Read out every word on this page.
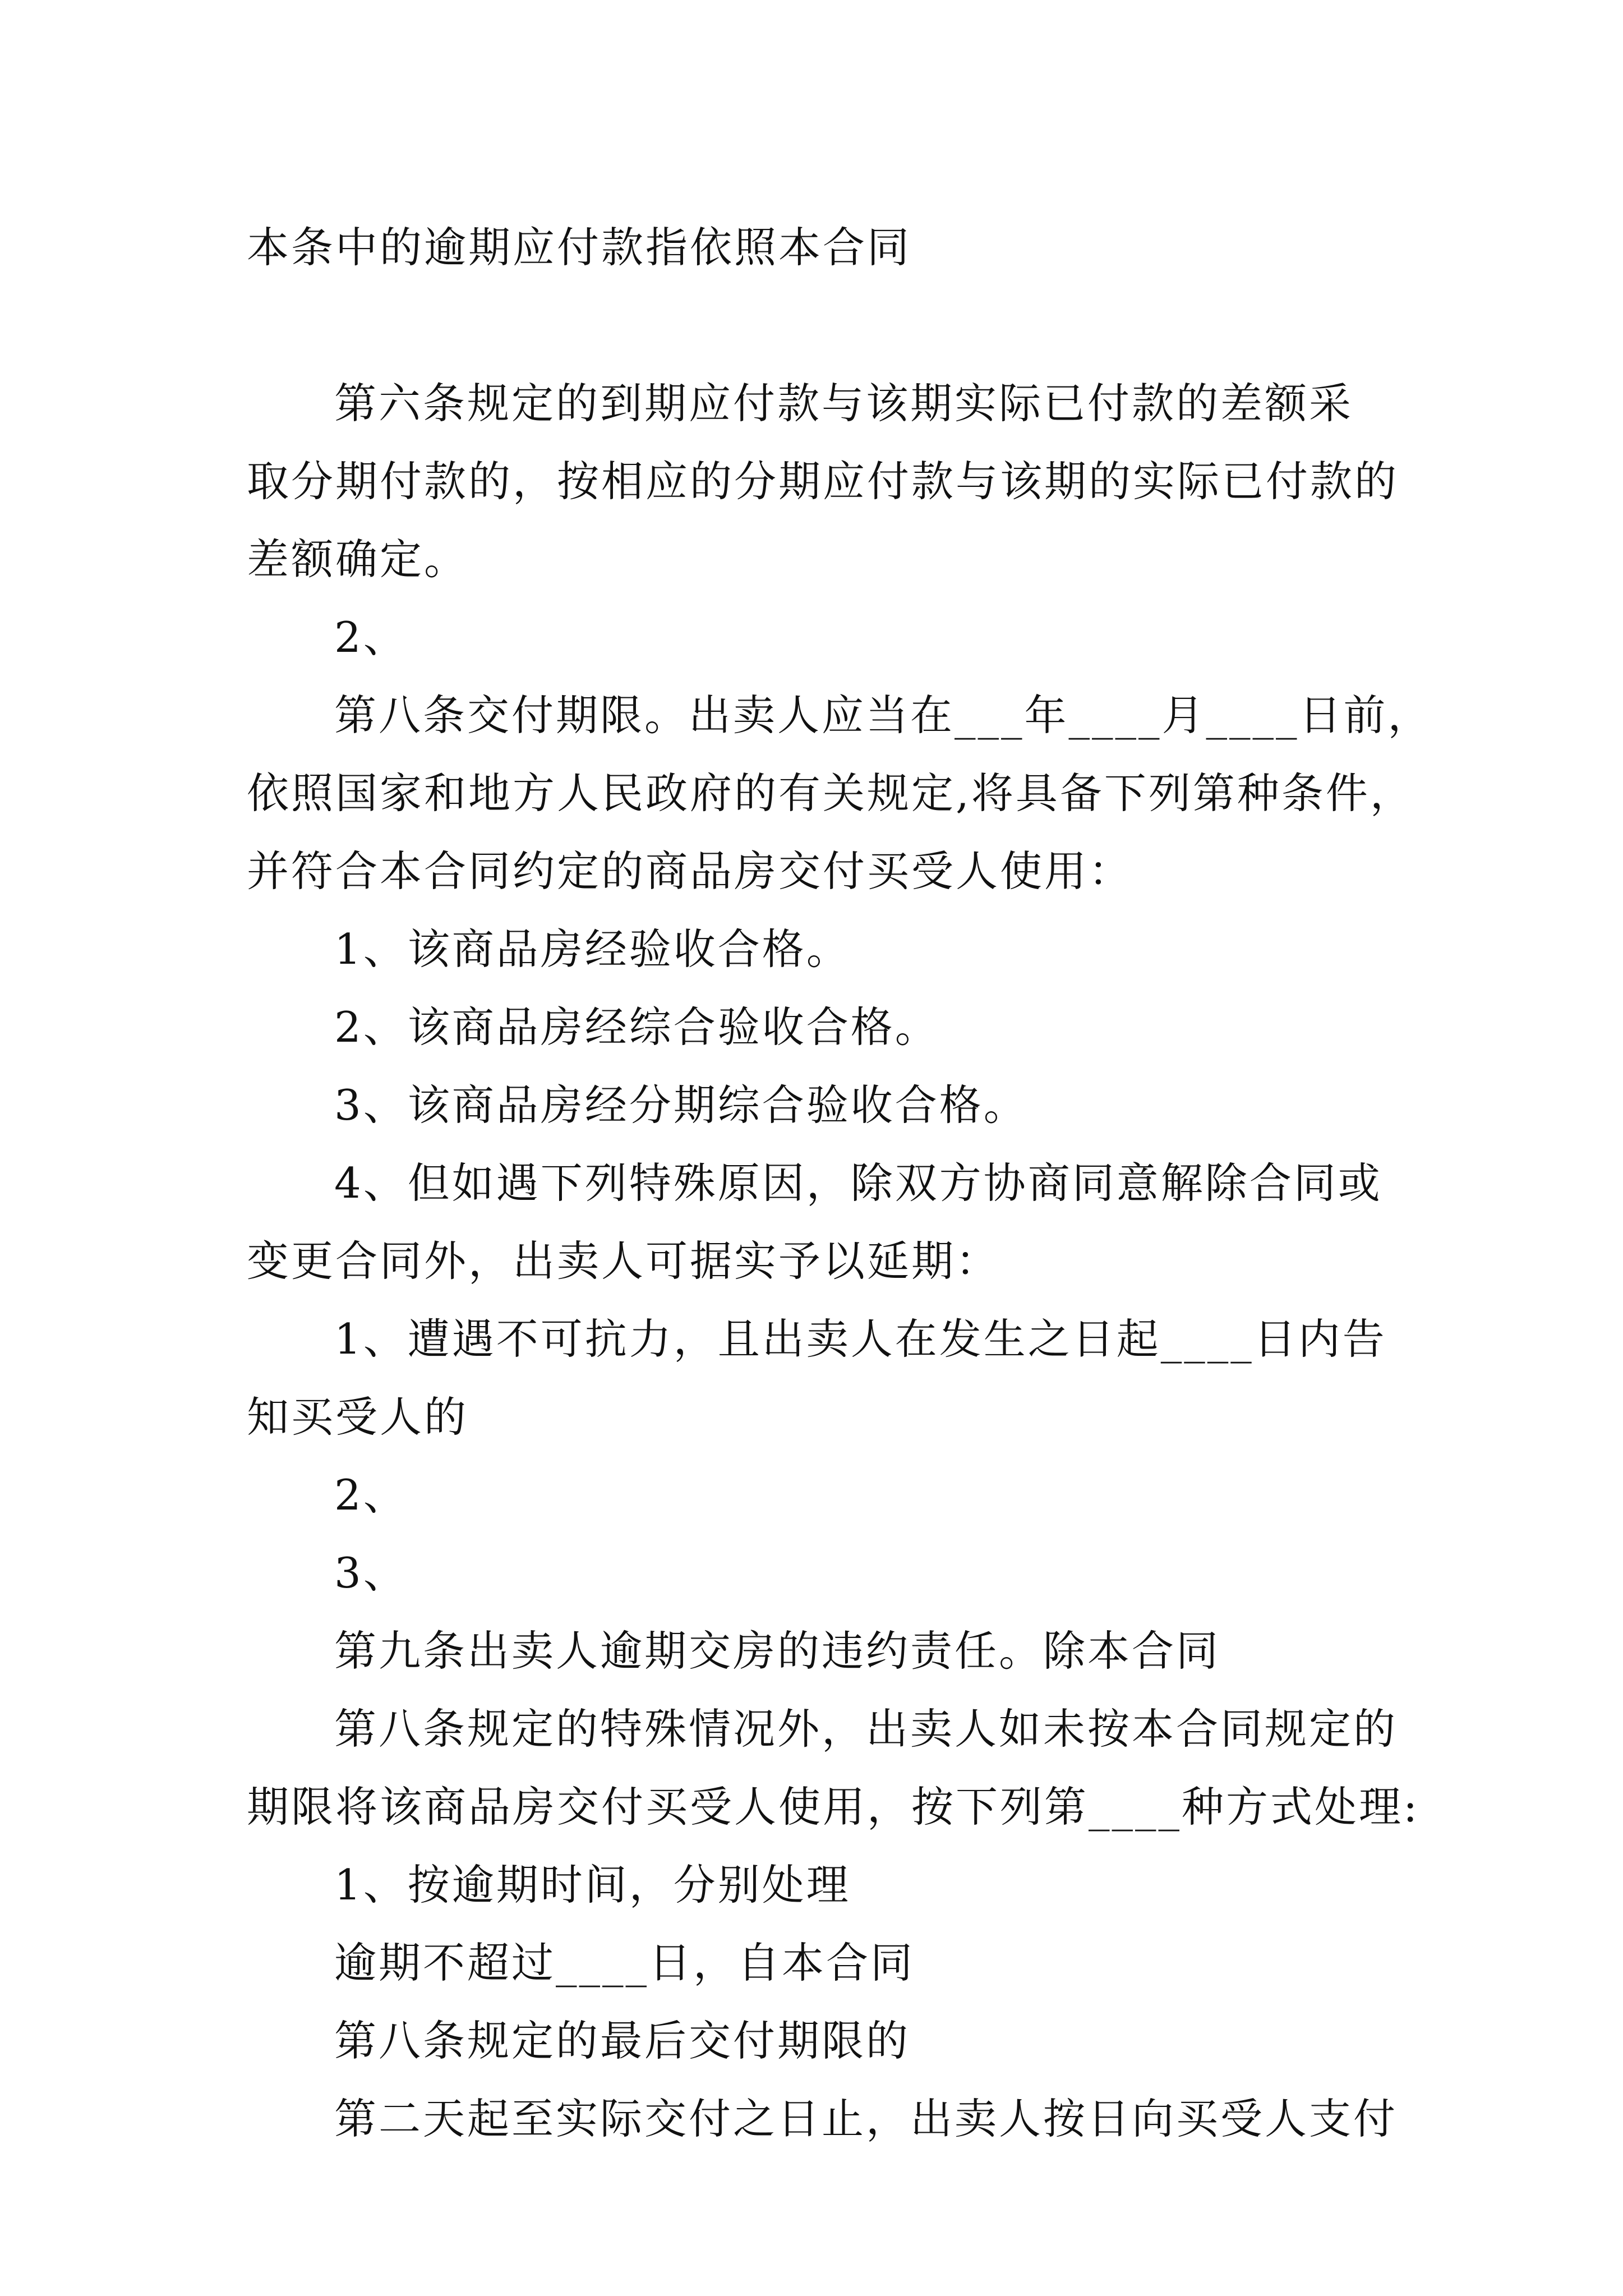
本条中的逾期应付款指依照本合同
第六条规定的到期应付款与该期实际已付款的差额采
取分期付款的，按相应的分期应付款与该期的实际已付款的
差额确定。
2、
第八条交付期限。出卖人应当在___年____月____日前，
依照国家和地方人民政府的有关规定,将具备下列第种条件，
并符合本合同约定的商品房交付买受人使用：
1、该商品房经验收合格。
2、该商品房经综合验收合格。
3、该商品房经分期综合验收合格。
4、但如遇下列特殊原因，除双方协商同意解除合同或
变更合同外，出卖人可据实予以延期：
1、遭遇不可抗力，且出卖人在发生之日起____日内告
知买受人的
2、
3、
第九条出卖人逾期交房的违约责任。除本合同
第八条规定的特殊情况外，出卖人如未按本合同规定的
期限将该商品房交付买受人使用，按下列第____种方式处理:
1、按逾期时间，分别处理
逾期不超过____日，自本合同
第八条规定的最后交付期限的
第二天起至实际交付之日止，出卖人按日向买受人支付
